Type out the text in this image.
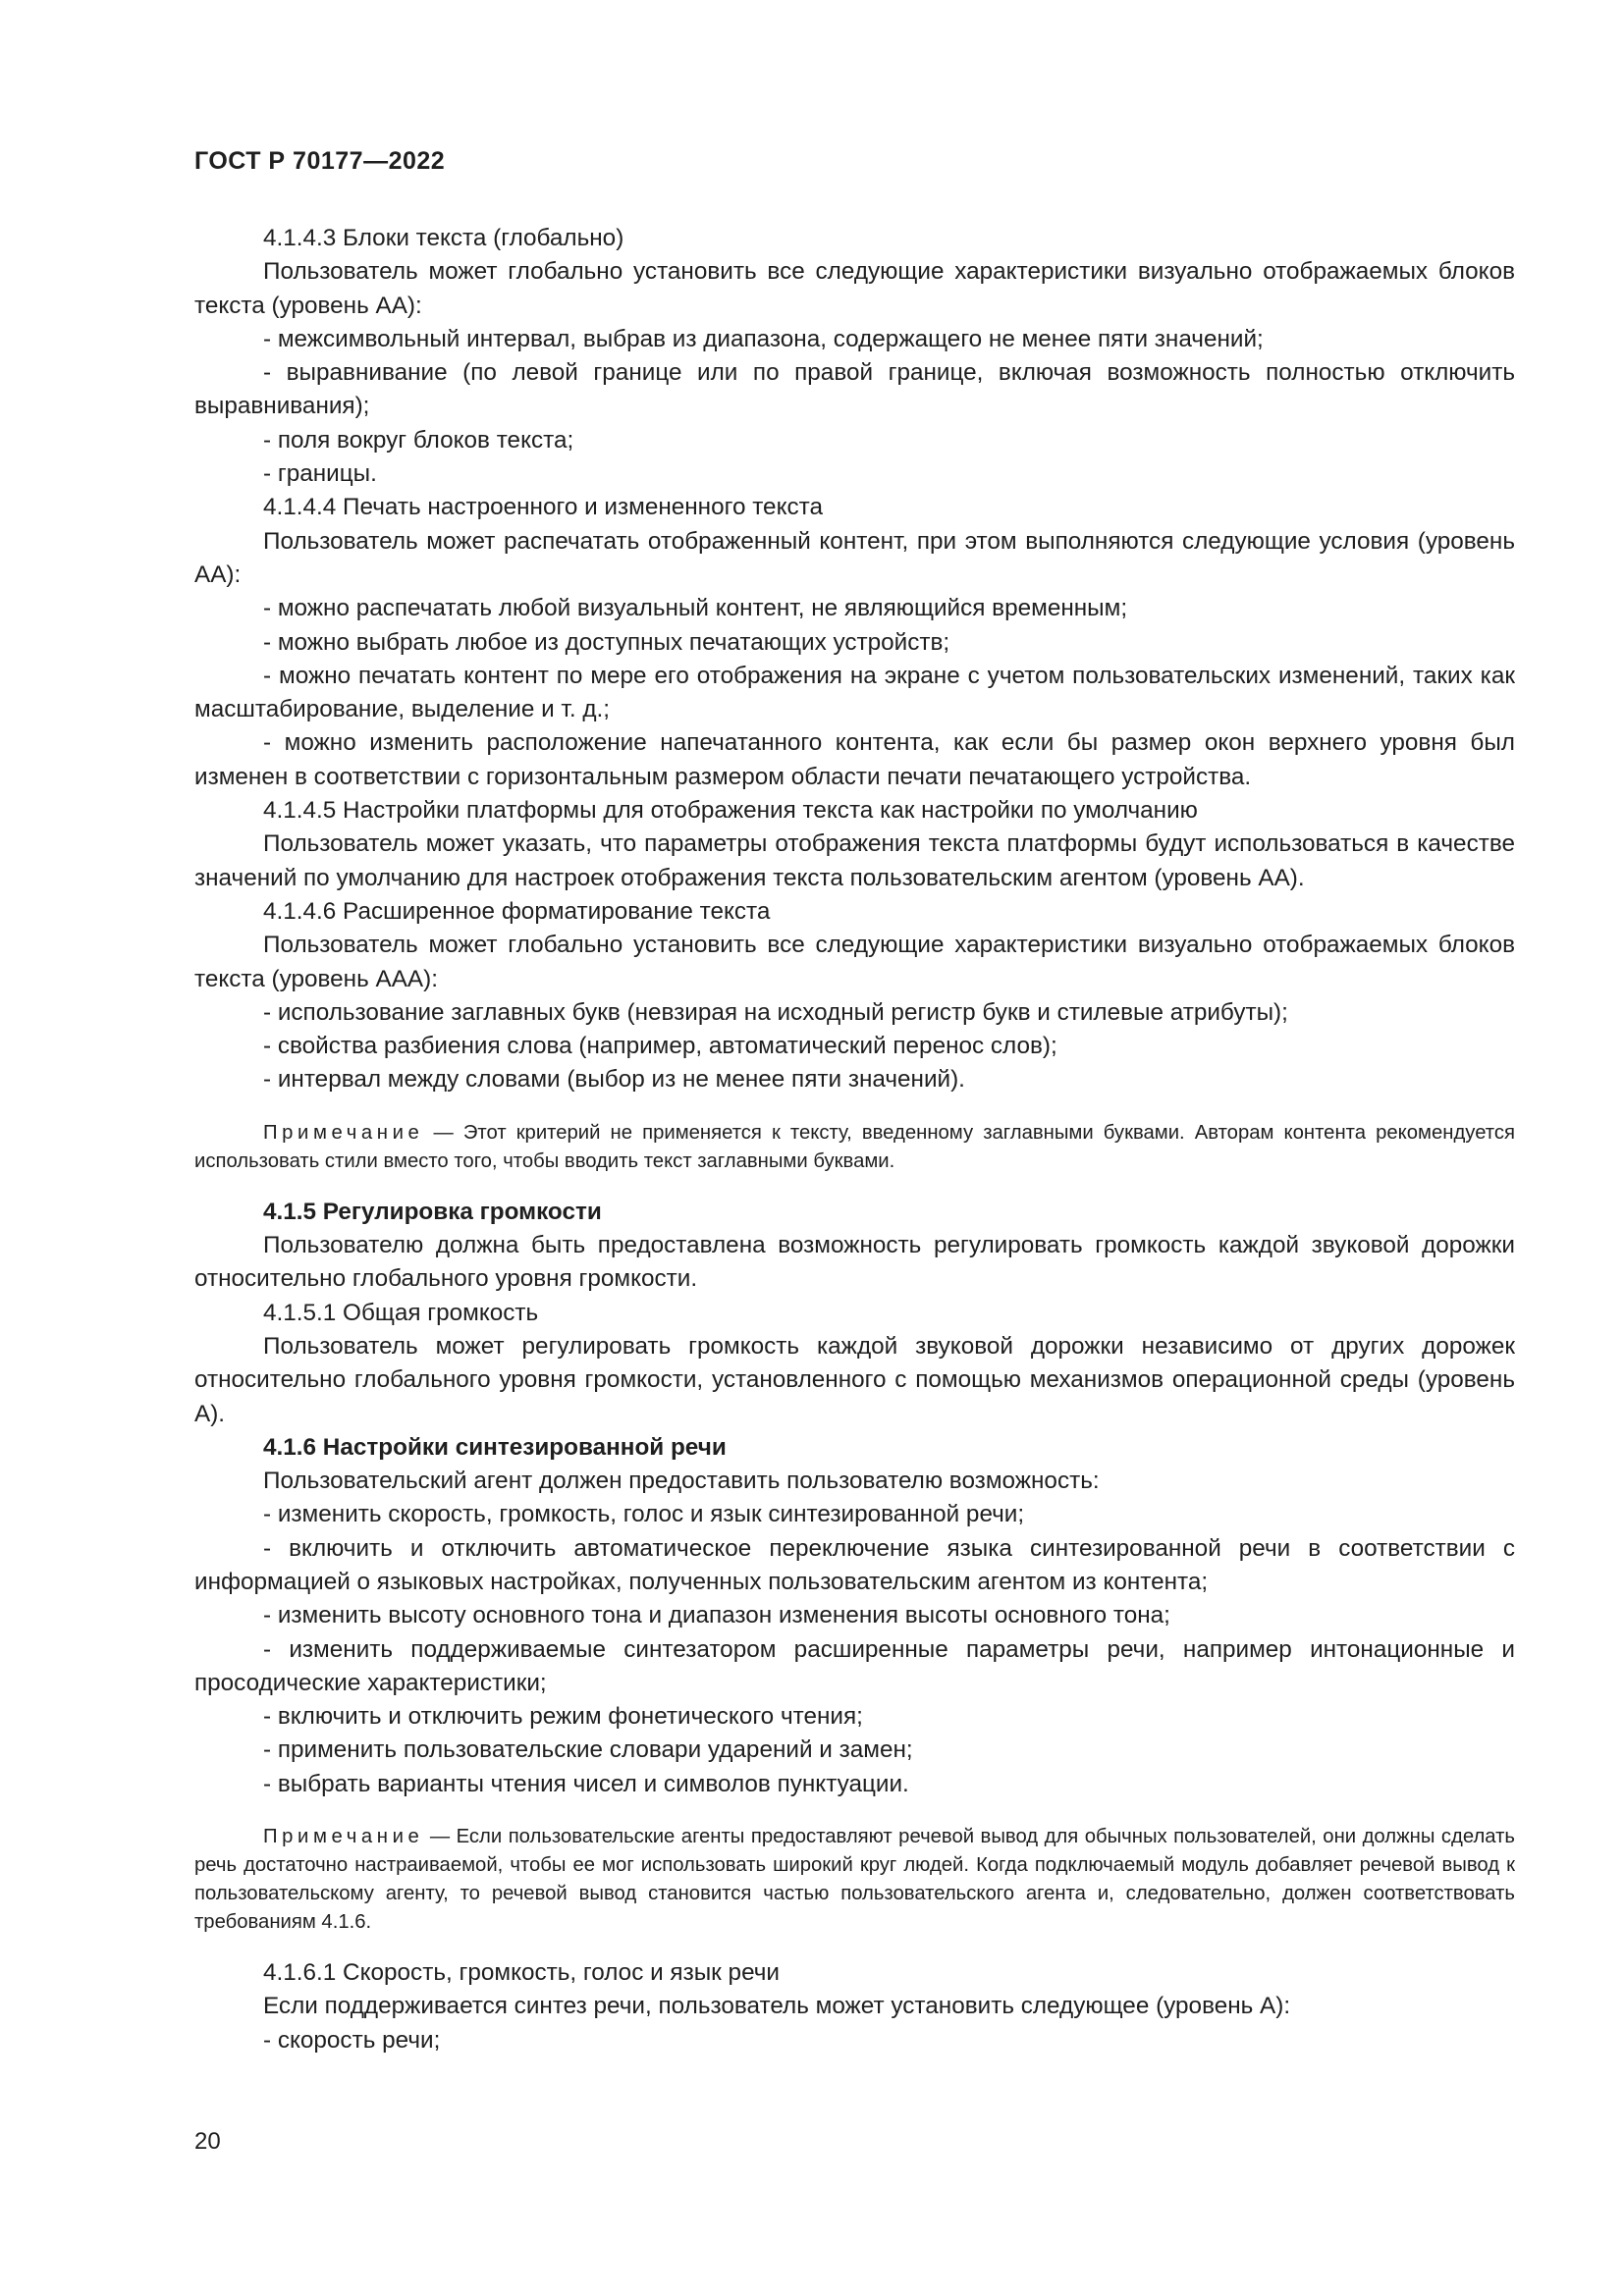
ГОСТ Р 70177—2022

4.1.4.3 Блоки текста (глобально)

Пользователь может глобально установить все следующие характеристики визуально отображаемых блоков текста (уровень АА):

- межсимвольный интервал, выбрав из диапазона, содержащего не менее пяти значений;

- выравнивание (по левой границе или по правой границе, включая возможность полностью отключить выравнивания);

- поля вокруг блоков текста;

- границы.

4.1.4.4 Печать настроенного и измененного текста

Пользователь может распечатать отображенный контент, при этом выполняются следующие условия (уровень АА):

- можно распечатать любой визуальный контент, не являющийся временным;

- можно выбрать любое из доступных печатающих устройств;

- можно печатать контент по мере его отображения на экране с учетом пользовательских изменений, таких как масштабирование, выделение и т. д.;

- можно изменить расположение напечатанного контента, как если бы размер окон верхнего уровня был изменен в соответствии с горизонтальным размером области печати печатающего устройства.

4.1.4.5 Настройки платформы для отображения текста как настройки по умолчанию

Пользователь может указать, что параметры отображения текста платформы будут использоваться в качестве значений по умолчанию для настроек отображения текста пользовательским агентом (уровень АА).

4.1.4.6 Расширенное форматирование текста

Пользователь может глобально установить все следующие характеристики визуально отображаемых блоков текста (уровень ААА):

- использование заглавных букв (невзирая на исходный регистр букв и стилевые атрибуты);

- свойства разбиения слова (например, автоматический перенос слов);

- интервал между словами (выбор из не менее пяти значений).

Примечание — Этот критерий не применяется к тексту, введенному заглавными буквами. Авторам контента рекомендуется использовать стили вместо того, чтобы вводить текст заглавными буквами.

4.1.5 Регулировка громкости

Пользователю должна быть предоставлена возможность регулировать громкость каждой звуковой дорожки относительно глобального уровня громкости.

4.1.5.1 Общая громкость

Пользователь может регулировать громкость каждой звуковой дорожки независимо от других дорожек относительно глобального уровня громкости, установленного с помощью механизмов операционной среды (уровень А).

4.1.6 Настройки синтезированной речи

Пользовательский агент должен предоставить пользователю возможность:

- изменить скорость, громкость, голос и язык синтезированной речи;

- включить и отключить автоматическое переключение языка синтезированной речи в соответствии с информацией о языковых настройках, полученных пользовательским агентом из контента;

- изменить высоту основного тона и диапазон изменения высоты основного тона;

- изменить поддерживаемые синтезатором расширенные параметры речи, например интонационные и просодические характеристики;

- включить и отключить режим фонетического чтения;

- применить пользовательские словари ударений и замен;

- выбрать варианты чтения чисел и символов пунктуации.

Примечание — Если пользовательские агенты предоставляют речевой вывод для обычных пользователей, они должны сделать речь достаточно настраиваемой, чтобы ее мог использовать широкий круг людей. Когда подключаемый модуль добавляет речевой вывод к пользовательскому агенту, то речевой вывод становится частью пользовательского агента и, следовательно, должен соответствовать требованиям 4.1.6.

4.1.6.1 Скорость, громкость, голос и язык речи

Если поддерживается синтез речи, пользователь может установить следующее (уровень А):

- скорость речи;

20
